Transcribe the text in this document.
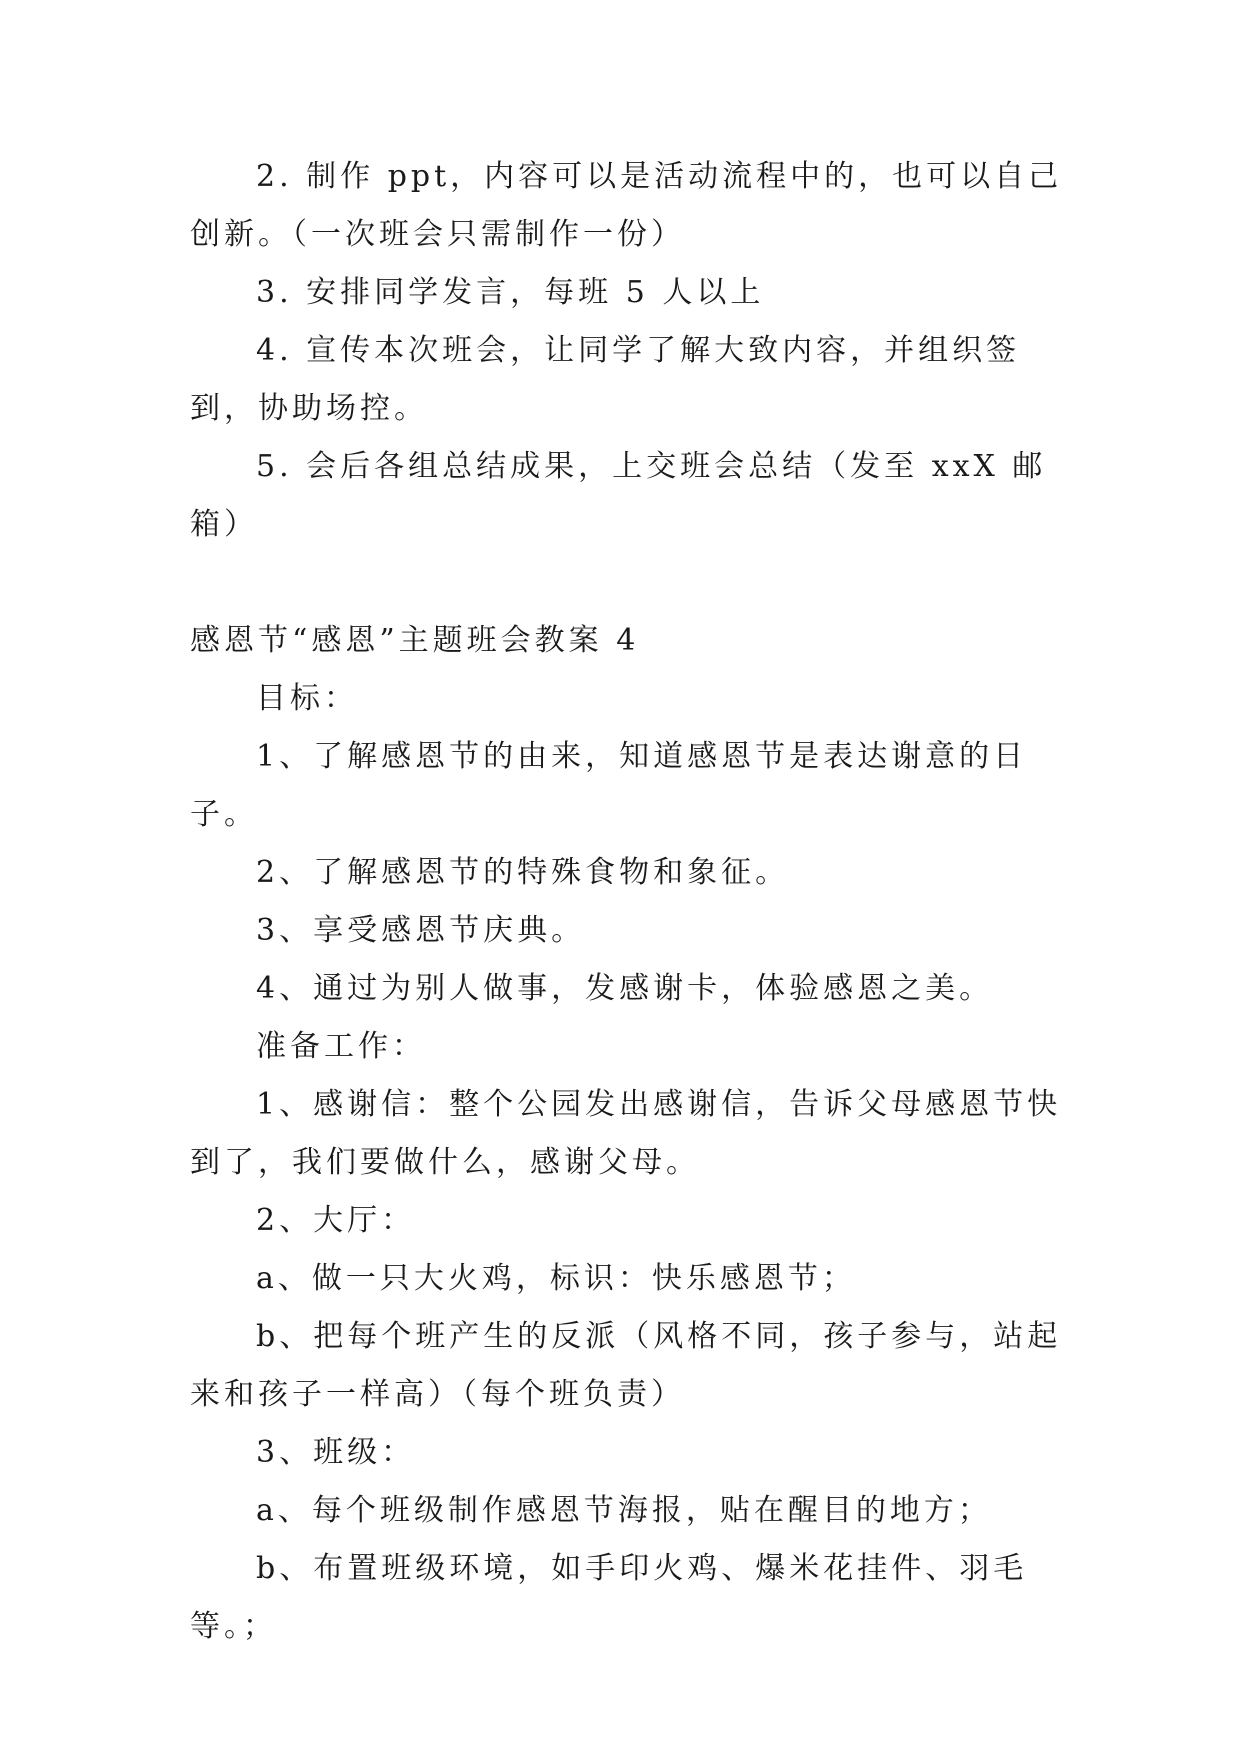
2. 制作 ppt，内容可以是活动流程中的，也可以自己创新。（一次班会只需制作一份）

3. 安排同学发言，每班 5 人以上

4. 宣传本次班会，让同学了解大致内容，并组织签到，协助场控。

5. 会后各组总结成果，上交班会总结（发至 xxX 邮箱）

感恩节“感恩”主题班会教案 4

目标：

1、了解感恩节的由来，知道感恩节是表达谢意的日子。

2、了解感恩节的特殊食物和象征。

3、享受感恩节庆典。

4、通过为别人做事，发感谢卡，体验感恩之美。

准备工作：

1、感谢信：整个公园发出感谢信，告诉父母感恩节快到了，我们要做什么，感谢父母。

2、大厅：

a、做一只大火鸡，标识：快乐感恩节；

b、把每个班产生的反派（风格不同，孩子参与，站起来和孩子一样高）（每个班负责）

3、班级：

a、每个班级制作感恩节海报，贴在醒目的地方；

b、布置班级环境，如手印火鸡、爆米花挂件、羽毛等。；
